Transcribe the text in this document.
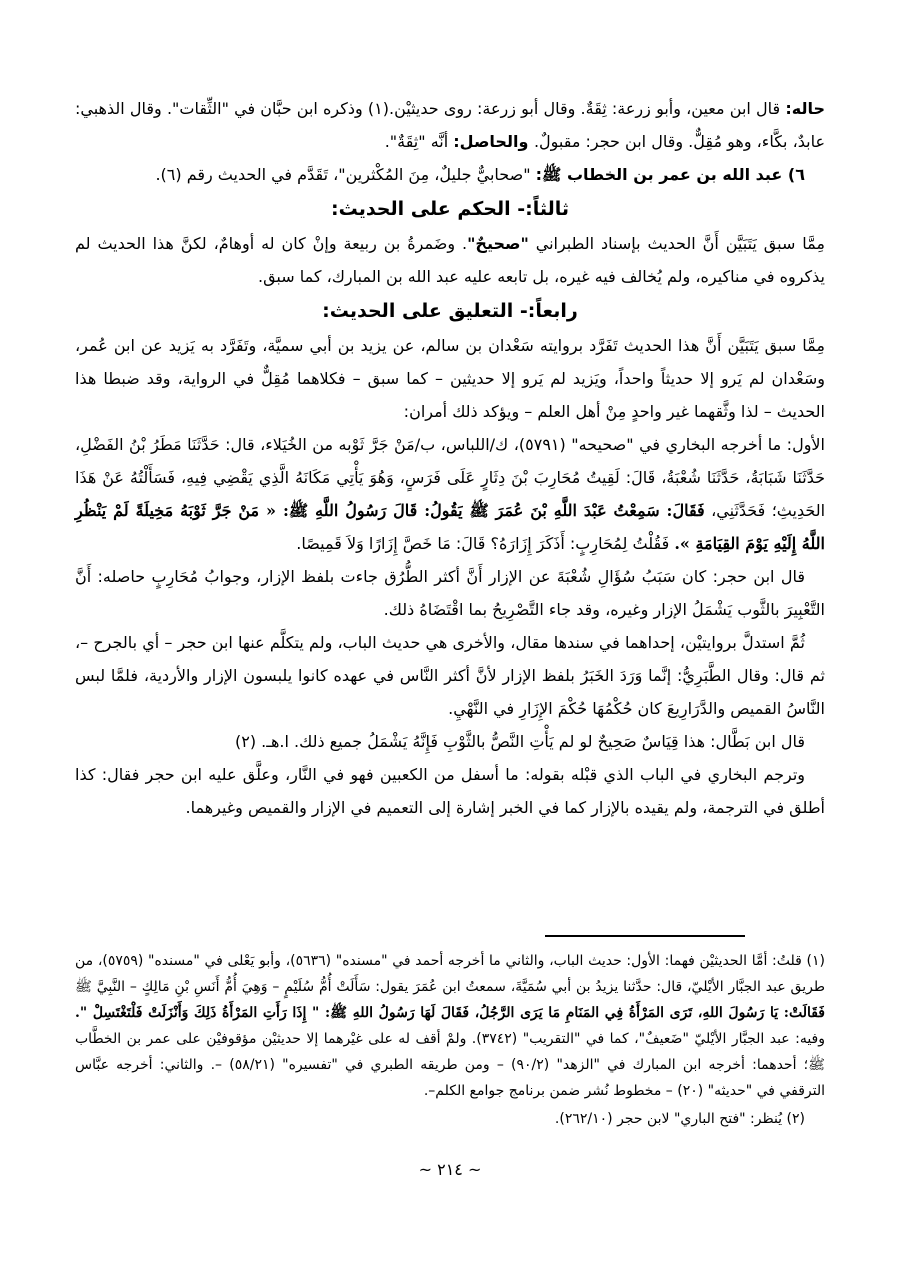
حاله: قال ابن معين، وأبو زرعة: ثِقَةٌ. وقال أبو زرعة: روى حديثيْن.(١) وذكره ابن حبَّان في "الثِّقات". وقال الذهبي: عابدٌ، بكَّاء، وهو مُقِلٌّ. وقال ابن حجر: مقبولٌ. والحاصل: أنَّه "ثِقَةٌ".

٦) عبد الله بن عمر بن الخطاب ﷺ: "صحابيٌّ جليلٌ، مِنَ المُكْثرين"، تَقَدَّم في الحديث رقم (٦).

ثالثاً:- الحكم على الحديث:

مِمَّا سبق يَتَبَيَّن أَنَّ الحديث بإسناد الطبراني "صحيحٌ". وضَمرةُ بن ربيعة وإنْ كان له أوهامٌ، لكنَّ هذا الحديث لم يذكروه في مناكيره، ولم يُخالف فيه غيره، بل تابعه عليه عبد الله بن المبارك، كما سبق.

رابعاً:- التعليق على الحديث:

مِمَّا سبق يَتَبَيَّن أَنَّ هذا الحديث تَفَرَّد بروايته سَعْدان بن سالم، عن يزيد بن أبي سميَّة، وتَفَرَّد به يَزيد عن ابن عُمر، وسَعْدان لم يَرو إلا حديثاً واحداً، ويَزيد لم يَرو إلا حديثين – كما سبق – فكلاهما مُقِلٌّ في الرواية، وقد ضبطا هذا الحديث – لذا وثَّقهما غير واحدٍ مِنْ أهل العلم – ويؤكد ذلك أمران:

الأول: ما أخرجه البخاري في "صحيحه" (٥٧٩١)، ك/اللباس، ب/مَنْ جَرَّ ثَوْبه من الخُيَلاء، قال: حَدَّثَنَا مَطَرُ بْنُ الفَضْلِ، حَدَّثَنَا شَبَابَةُ، حَدَّثَنَا شُعْبَةُ، قَالَ: لَقِيتُ مُحَارِبَ بْنَ دِثَارٍ عَلَى فَرَسٍ، وَهُوَ يَأْتِي مَكَانَهُ الَّذِي يَقْضِي فِيهِ، فَسَأَلْتُهُ عَنْ هَذَا الحَدِيثِ؛ فَحَدَّثَنِي، فَقَالَ: سَمِعْتُ عَبْدَ اللَّهِ بْنَ عُمَرَ ﷺ يَقُولُ: قَالَ رَسُولُ اللَّهِ ﷺ: « مَنْ جَرَّ ثَوْبَهُ مَخِيلَةً لَمْ يَنْظُرِ اللَّهُ إِلَيْهِ يَوْمَ القِيَامَةِ ». فَقُلْتُ لِمُحَارِبٍ: أَذَكَرَ إِزَارَهُ؟ قَالَ: مَا خَصَّ إِزَارًا وَلاَ قَمِيصًا.

قال ابن حجر: كان سَبَبُ سُؤَالِ شُعْبَةَ عن الإزار أَنَّ أكثر الطُّرُق جاءت بلفظ الإزار، وجوابُ مُحَارِبٍ حاصله: أَنَّ التَّعْبِيرَ بالثَّوب يَشْمَلُ الإزار وغيره، وقد جاء التَّصْرِيحُ بما اقْتَضَاهُ ذلك.

ثُمَّ استدلَّ بروايتيْن، إحداهما في سندها مقال، والأخرى هي حديث الباب، ولم يتكلَّم عنها ابن حجر – أي بالجرح –، ثم قال: وقال الطَّبَرِيُّ: إنَّما وَرَدَ الخَبَرُ بلفظ الإزار لأنَّ أكثر النَّاس في عهده كانوا يلبسون الإزار والأردية، فلمَّا لبس النَّاسُ القميص والدَّرَارِيعَ كان حُكْمُهَا حُكْمَ الإِزَارِ في النَّهْيِ.

قال ابن بَطَّال: هذا قِيَاسٌ صَحِيحٌ لو لم يَأْتِ النَّصُّ بالثَّوْبِ فَإِنَّهُ يَشْمَلُ جميع ذلك. ا.هـ. (٢)

وترجم البخاري في الباب الذي قبْله بقوله: ما أسفل من الكعبين فهو في النَّار، وعلَّق عليه ابن حجر فقال: كذا أطلق في الترجمة، ولم يقيده بالإزار كما في الخبر إشارة إلى التعميم في الإزار والقميص وغيرهما.

(١) قلتُ: أمَّا الحديثيْن فهما: الأول: حديث الباب، والثاني ما أخرجه أحمد في "مسنده" (٥٦٣٦)، وأبو يَعْلى في "مسنده" (٥٧٥٩)، من طريق عبد الجبَّار الأيْليّ، قال: حدَّثنا يزيدُ بن أبي سُمَيَّةَ، سمعتُ ابن عُمَرَ يقول: سَأَلَتْ أُمُّ سُلَيْمٍ – وَهِيَ أُمُّ أَنَسِ بْنِ مَالِكٍ – النَّبِيَّ ﷺ فَقَالَتْ: يَا رَسُولَ اللهِ، تَرَى المَرْأَةُ فِي المَنَامِ مَا يَرَى الرَّجُلُ، فَقَالَ لَهَا رَسُولُ اللهِ ﷺ: " إِذَا رَأَتِ المَرْأَةُ ذَلِكَ وَأَنْزَلَتْ فَلْتَغْتَسِلْ ". وفيه: عبد الجبَّار الأيْليّ "ضَعيفٌ"، كما في "التقريب" (٣٧٤٢). ولمْ أقف له على غيْرهما إلا حديثيْن مؤقوفيْن على عمر بن الخطَّاب ﷺ؛ أحدهما: أخرجه ابن المبارك في "الزهد" (٩٠/٢) – ومن طريقه الطبري في "تفسيره" (٥٨/٢١) –. والثاني: أخرجه عبَّاس الترقفي في "حديثه" (٢٠) – مخطوط نُشر ضمن برنامج جوامع الكلم–.

(٢) يُنظر: "فتح الباري" لابن حجر (٢٦٢/١٠).

~ ٢١٤ ~
